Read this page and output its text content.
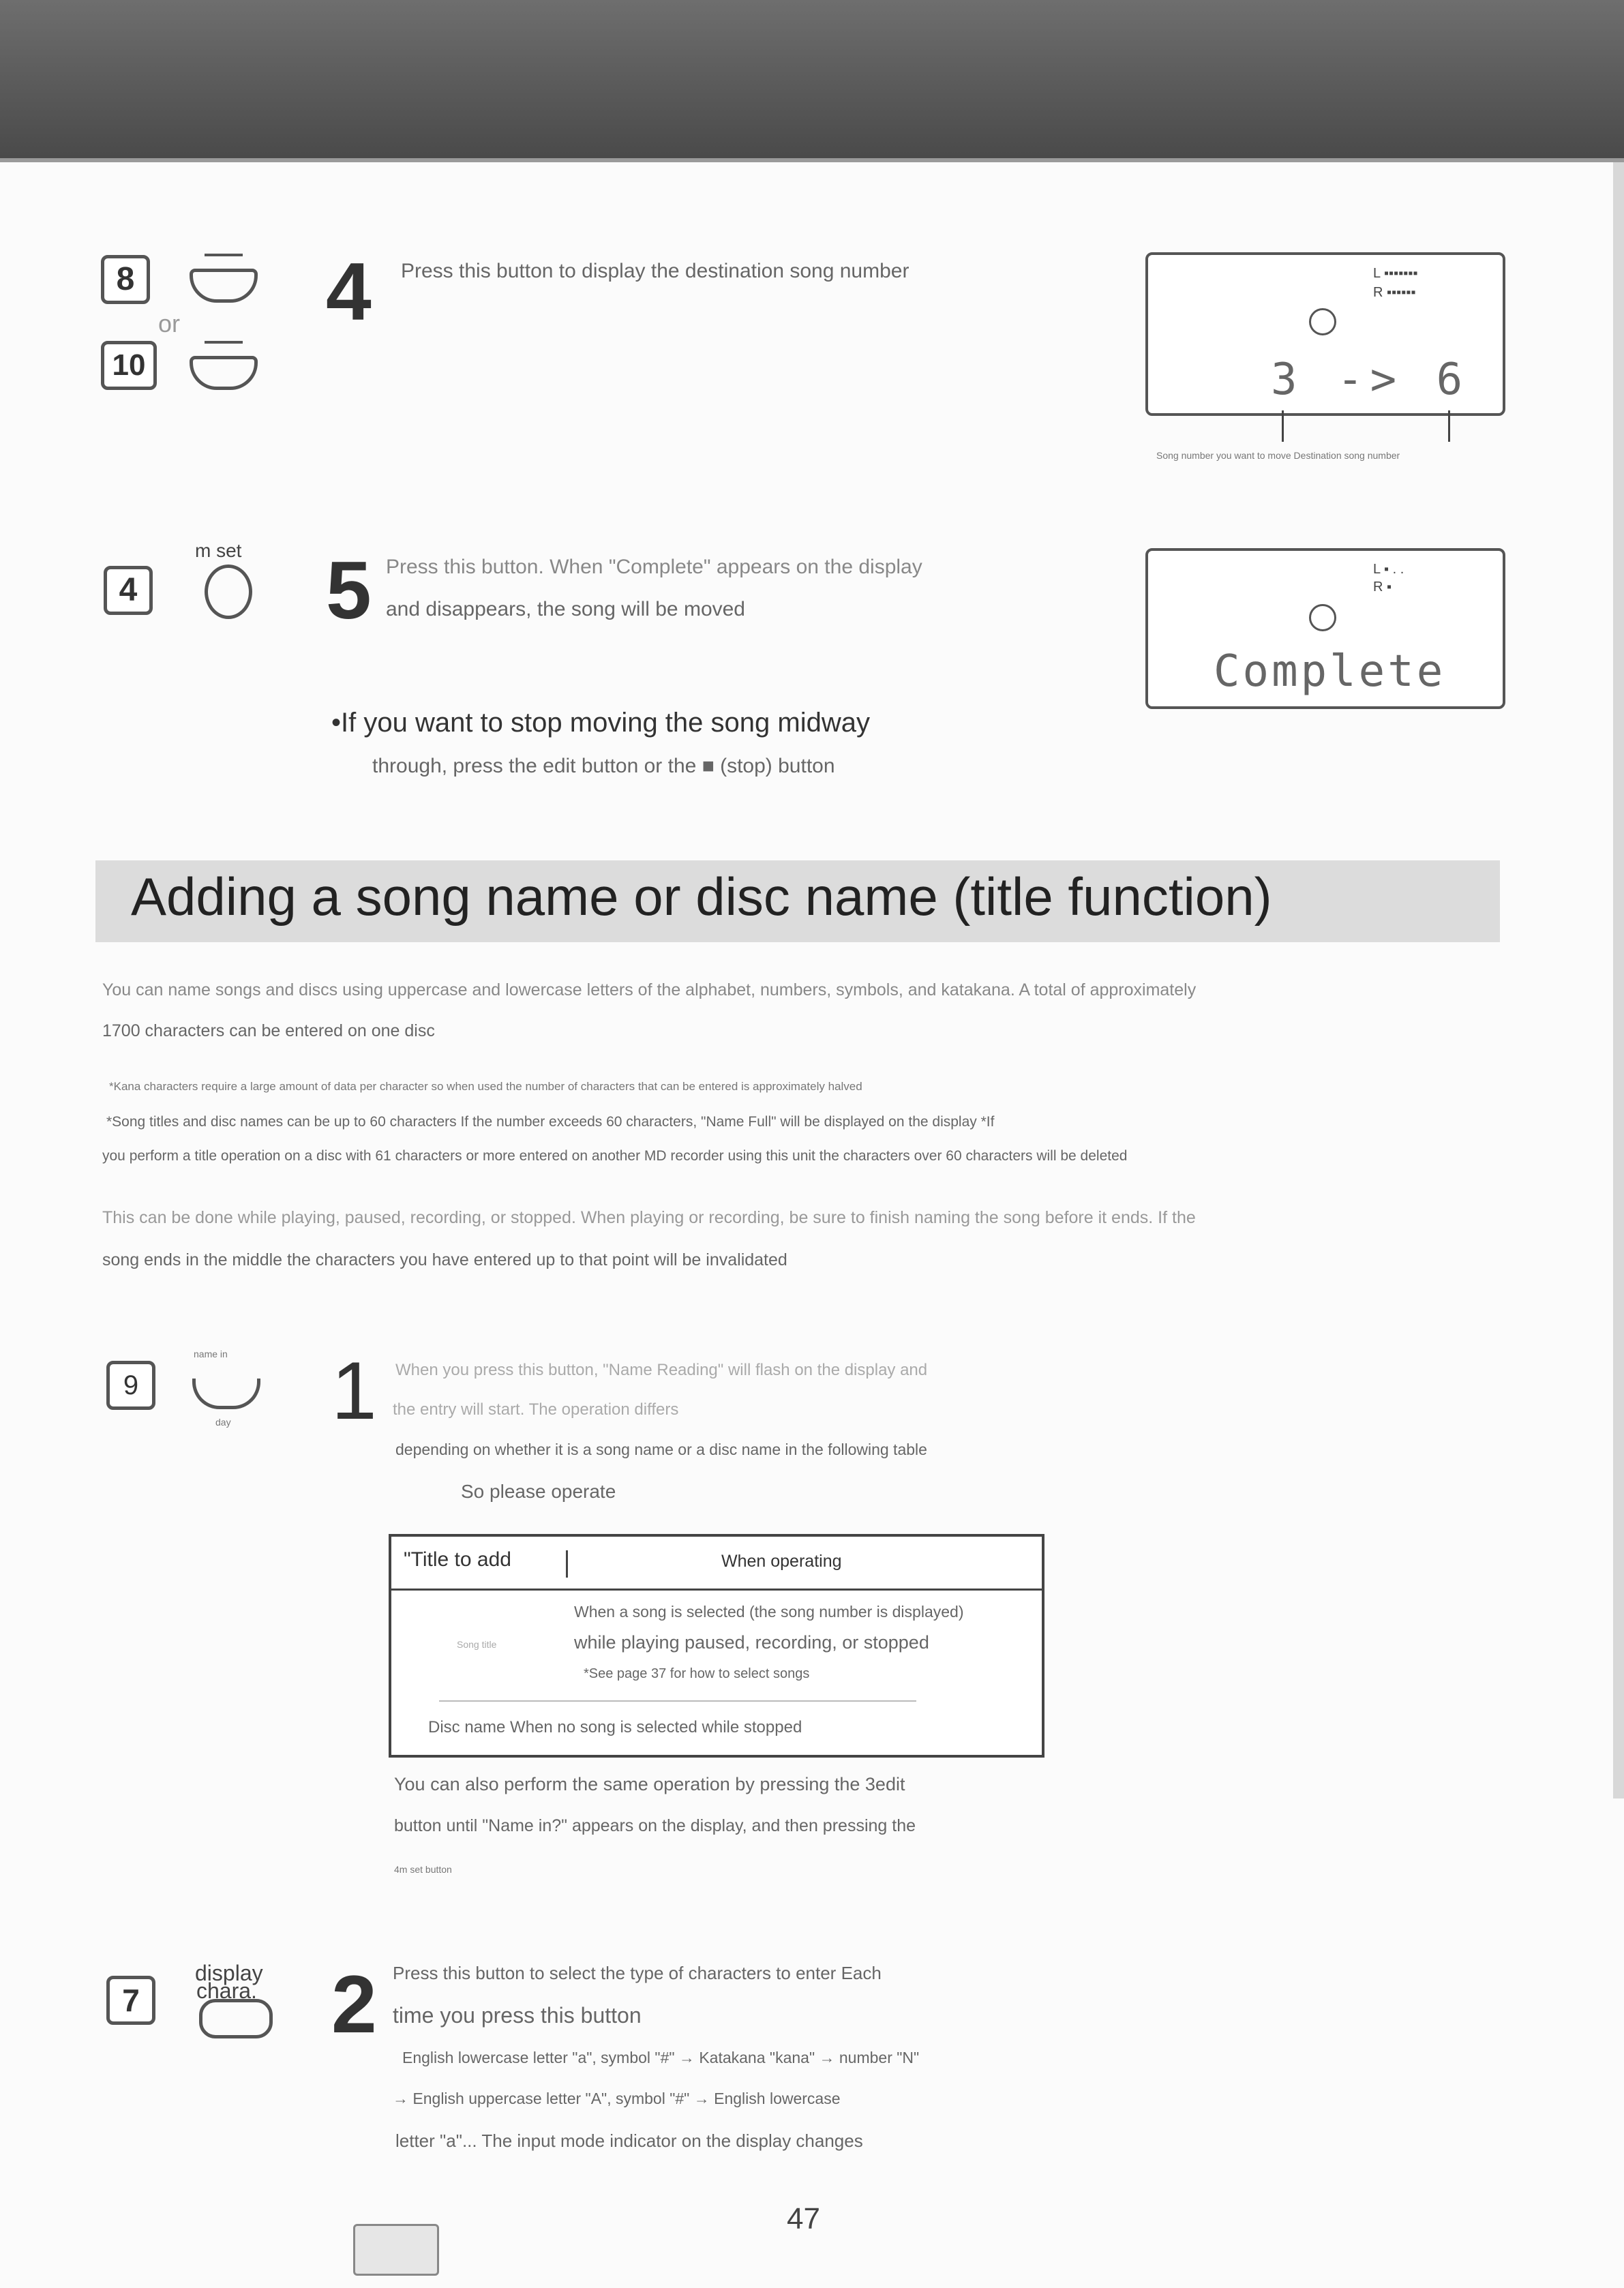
8
or
10
4 Press this button to display the destination song number	L ▪▪▪▪▪▪▪
R ▪▪▪▪▪▪
3 -> 6
Song number you want to move Destination song number
m set
4 5 Press this button. When "Complete" appears on the display
and disappears, the song will be moved
L ▪ . .
R ▪
Complete
•If you want to stop moving the song midway
through, press the edit button or the ■ (stop) button
Adding a song name or disc name (title function)
You can name songs and discs using uppercase and lowercase letters of the alphabet, numbers, symbols, and katakana. A total of approximately
1700 characters can be entered on one disc
*Kana characters require a large amount of data per character so when used the number of characters that can be entered is approximately halved
*Song titles and disc names can be up to 60 characters If the number exceeds 60 characters, "Name Full" will be displayed on the display *If
you perform a title operation on a disc with 61 characters or more entered on another MD recorder using this unit the characters over 60 characters will be deleted
This can be done while playing, paused, recording, or stopped. When playing or recording, be sure to finish naming the song before it ends. If the
song ends in the middle the characters you have entered up to that point will be invalidated
name in
9
day 1 When you press this button, "Name Reading" will flash on the display and
the entry will start. The operation differs
depending on whether it is a song name or a disc name in the following table
So please operate
"Title to add	When operating
Song title
When a song is selected (the song number is displayed)
while playing paused, recording, or stopped
*See page 37 for how to select songs
Disc name When no song is selected while stopped
You can also perform the same operation by pressing the 3edit
button until "Name in?" appears on the display, and then pressing the
4m set button
display
chara.
7 2 Press this button to select the type of characters to enter Each
time you press this button
English lowercase letter "a", symbol "#" → Katakana "kana" → number "N"
→ English uppercase letter "A", symbol "#" → English lowercase
letter "a"... The input mode indicator on the display changes
47
